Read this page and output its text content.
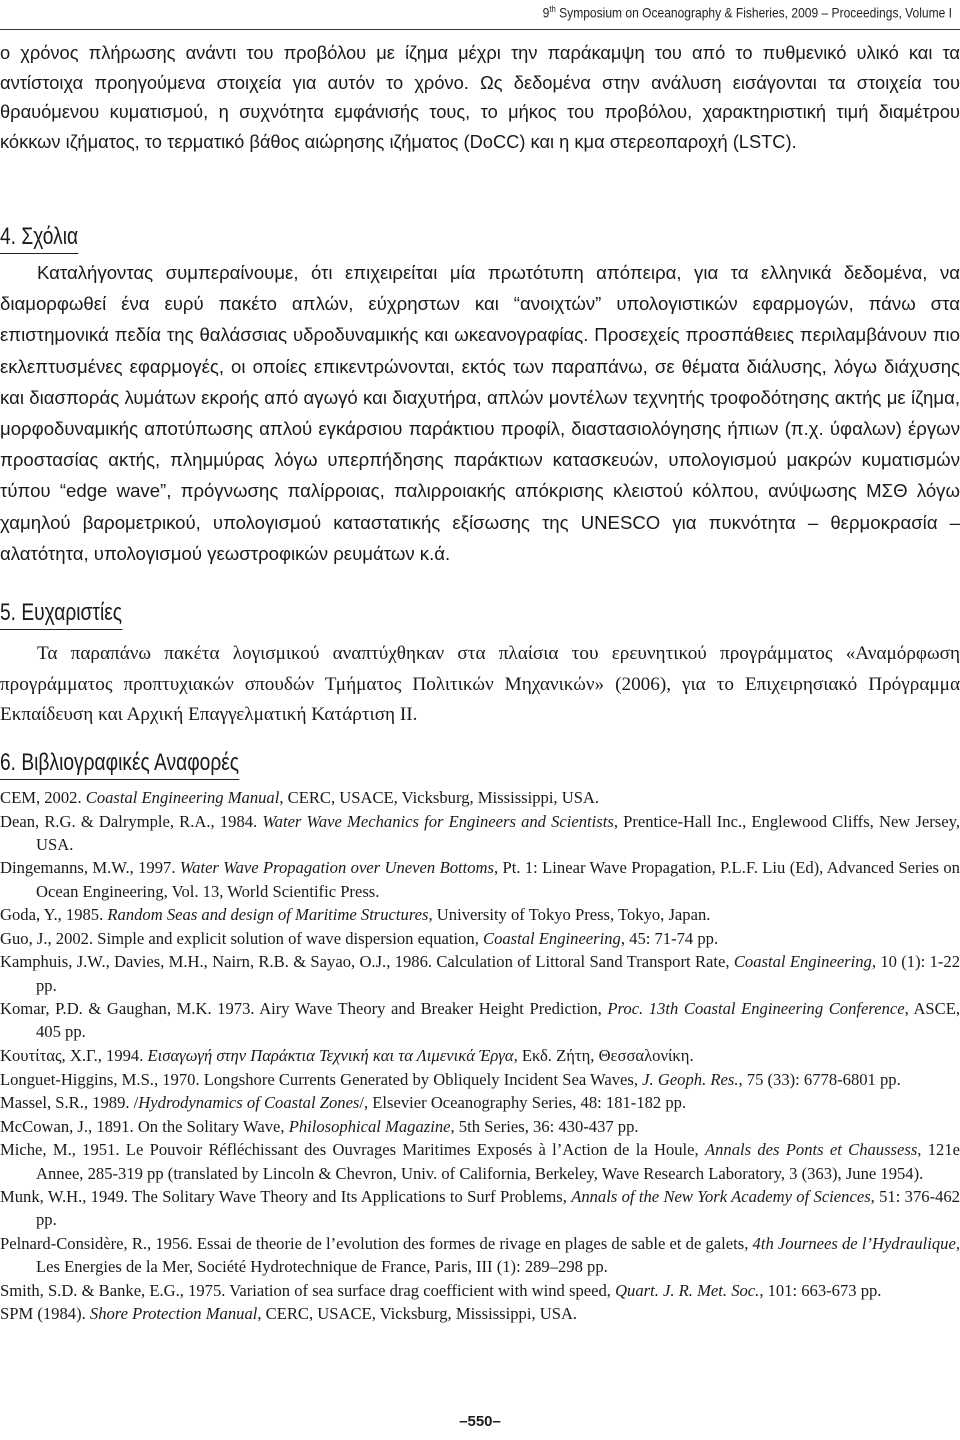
9th Symposium on Oceanography & Fisheries, 2009 – Proceedings, Volume I

ο χρόνος πλήρωσης ανάντι του προβόλου με ίζημα μέχρι την παράκαμψη του από το πυθμενικό υλικό και τα αντίστοιχα προηγούμενα στοιχεία για αυτόν το χρόνο. Ως δεδομένα στην ανάλυση εισάγονται τα στοιχεία του θραυόμενου κυματισμού, η συχνότητα εμφάνισής τους, το μήκος του προβόλου, χαρακτηριστική τιμή διαμέτρου κόκκων ιζήματος, το τερματικό βάθος αιώρησης ιζήματος (DoCC) και η κμα στερεοπαροχή (LSTC).

4. Σχόλια

Καταλήγοντας συμπεραίνουμε, ότι επιχειρείται μία πρωτότυπη απόπειρα, για τα ελληνικά δεδομένα, να διαμορφωθεί ένα ευρύ πακέτο απλών, εύχρηστων και “ανοιχτών” υπολογιστικών εφαρμογών, πάνω στα επιστημονικά πεδία της θαλάσσιας υδροδυναμικής και ωκεανογραφίας. Προσεχείς προσπάθειες περιλαμβάνουν πιο εκλεπτυσμένες εφαρμογές, οι οποίες επικεντρώνονται, εκτός των παραπάνω, σε θέματα διάλυσης, λόγω διάχυσης και διασποράς λυμάτων εκροής από αγωγό και διαχυτήρα, απλών μοντέλων τεχνητής τροφοδότησης ακτής με ίζημα, μορφοδυναμικής αποτύπωσης απλού εγκάρσιου παράκτιου προφίλ, διαστασιολόγησης ήπιων (π.χ. ύφαλων) έργων προστασίας ακτής, πλημμύρας λόγω υπερπήδησης παράκτιων κατασκευών, υπολογισμού μακρών κυματισμών τύπου “edge wave”, πρόγνωσης παλίρροιας, παλιρροιακής απόκρισης κλειστού κόλπου, ανύψωσης ΜΣΘ λόγω χαμηλού βαρομετρικού, υπολογισμού καταστατικής εξίσωσης της UNESCO για πυκνότητα – θερμοκρασία – αλατότητα, υπολογισμού γεωστροφικών ρευμάτων κ.ά.

5. Ευχαριστίες

Τα παραπάνω πακέτα λογισμικού αναπτύχθηκαν στα πλαίσια του ερευνητικού προγράμματος «Αναμόρφωση προγράμματος προπτυχιακών σπουδών Τμήματος Πολιτικών Μηχανικών» (2006), για το Επιχειρησιακό Πρόγραμμα Εκπαίδευση και Αρχική Επαγγελματική Κατάρτιση ΙΙ.

6. Βιβλιογραφικές Αναφορές

CEM, 2002. Coastal Engineering Manual, CERC, USACE, Vicksburg, Mississippi, USA.

Dean, R.G. & Dalrymple, R.A., 1984. Water Wave Mechanics for Engineers and Scientists, Prentice-Hall Inc., Englewood Cliffs, New Jersey, USA.

Dingemanns, M.W., 1997. Water Wave Propagation over Uneven Bottoms, Pt. 1: Linear Wave Propagation, P.L.F. Liu (Ed), Advanced Series on Ocean Engineering, Vol. 13, World Scientific Press.

Goda, Y., 1985. Random Seas and design of Maritime Structures, University of Tokyo Press, Tokyo, Japan.

Guo, J., 2002. Simple and explicit solution of wave dispersion equation, Coastal Engineering, 45: 71-74 pp.

Kamphuis, J.W., Davies, M.H., Nairn, R.B. & Sayao, O.J., 1986. Calculation of Littoral Sand Transport Rate, Coastal Engineering, 10 (1): 1-22 pp.

Komar, P.D. & Gaughan, M.K. 1973. Airy Wave Theory and Breaker Height Prediction, Proc. 13th Coastal Engineering Conference, ASCE, 405 pp.

Κουτίτας, Χ.Γ., 1994. Εισαγωγή στην Παράκτια Τεχνική και τα Λιμενικά Έργα, Εκδ. Ζήτη, Θεσσαλονίκη.

Longuet-Higgins, M.S., 1970. Longshore Currents Generated by Obliquely Incident Sea Waves, J. Geoph. Res., 75 (33): 6778-6801 pp.

Massel, S.R., 1989. /Hydrodynamics of Coastal Zones/, Elsevier Oceanography Series, 48: 181-182 pp.

McCowan, J., 1891. On the Solitary Wave, Philosophical Magazine, 5th Series, 36: 430-437 pp.

Miche, M., 1951. Le Pouvoir Réfléchissant des Ouvrages Maritimes Exposés à l’Action de la Houle, Annals des Ponts et Chaussess, 121e Annee, 285-319 pp (translated by Lincoln & Chevron, Univ. of California, Berkeley, Wave Research Laboratory, 3 (363), June 1954).

Munk, W.H., 1949. The Solitary Wave Theory and Its Applications to Surf Problems, Annals of the New York Academy of Sciences, 51: 376-462 pp.

Pelnard-Considère, R., 1956. Essai de theorie de l’evolution des formes de rivage en plages de sable et de galets, 4th Journees de l’Hydraulique, Les Energies de la Mer, Société Hydrotechnique de France, Paris, III (1): 289–298 pp.

Smith, S.D. & Banke, E.G., 1975. Variation of sea surface drag coefficient with wind speed, Quart. J. R. Met. Soc., 101: 663-673 pp.

SPM (1984). Shore Protection Manual, CERC, USACE, Vicksburg, Mississippi, USA.

–550–
